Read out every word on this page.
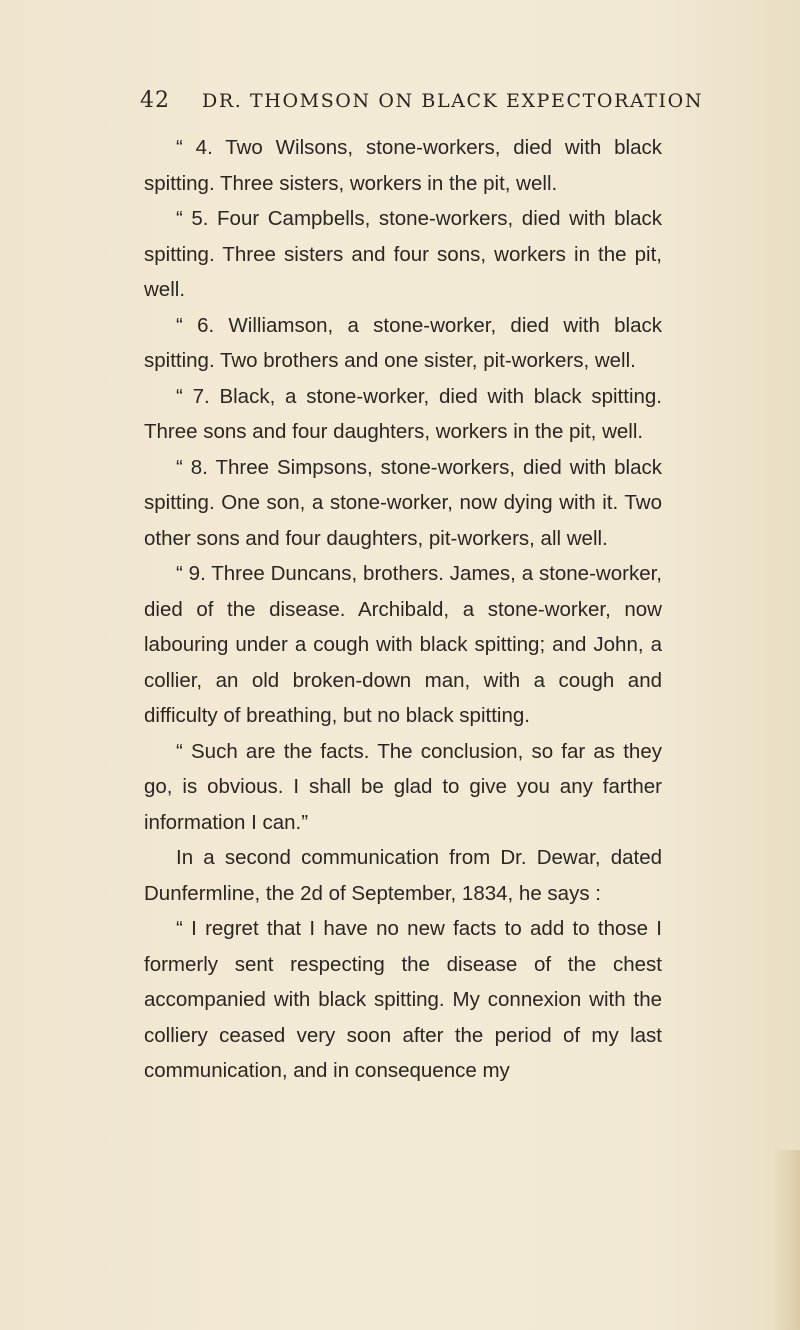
42 DR. THOMSON ON BLACK EXPECTORATION

“ 4. Two Wilsons, stone-workers, died with black spitting. Three sisters, workers in the pit, well.

“ 5. Four Campbells, stone-workers, died with black spitting. Three sisters and four sons, workers in the pit, well.

“ 6. Williamson, a stone-worker, died with black spitting. Two brothers and one sister, pit-workers, well.

“ 7. Black, a stone-worker, died with black spitting. Three sons and four daughters, workers in the pit, well.

“ 8. Three Simpsons, stone-workers, died with black spitting. One son, a stone-worker, now dying with it. Two other sons and four daughters, pit-workers, all well.

“ 9. Three Duncans, brothers. James, a stone-worker, died of the disease. Archibald, a stone-worker, now labouring under a cough with black spitting; and John, a collier, an old broken-down man, with a cough and difficulty of breathing, but no black spitting.

“ Such are the facts. The conclusion, so far as they go, is obvious. I shall be glad to give you any farther information I can.”

In a second communication from Dr. Dewar, dated Dunfermline, the 2d of September, 1834, he says :

“ I regret that I have no new facts to add to those I formerly sent respecting the disease of the chest accompanied with black spitting. My connexion with the colliery ceased very soon after the period of my last communication, and in consequence my
